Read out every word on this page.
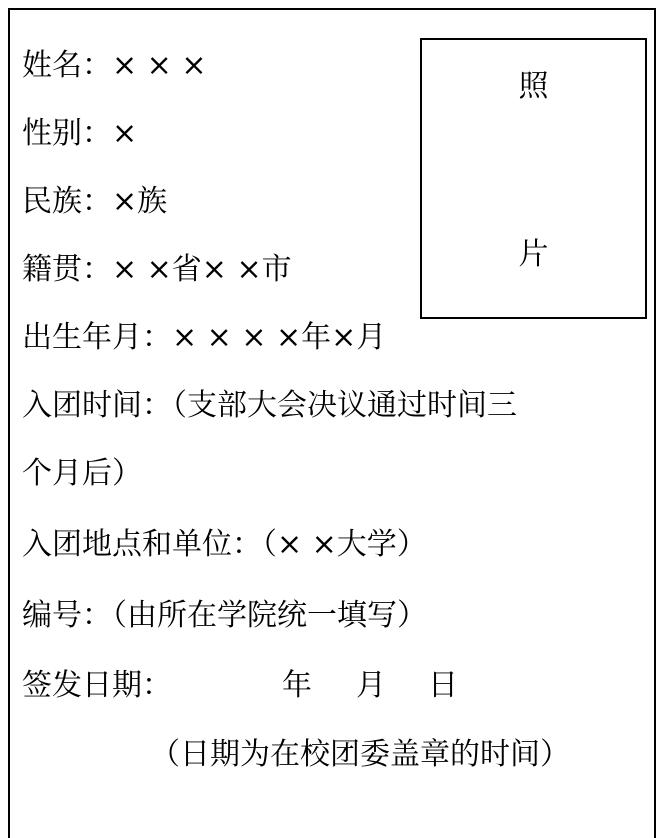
照
片
姓名：× × ×
性别：×
民族：×族
籍贯：× ×省× ×市
出生年月：× × × ×年×月
入团时间：（支部大会决议通过时间三
个月后）
入团地点和单位：（× ×大学）
编号：（由所在学院统一填写）
签发日期：	年 月 日
（日期为在校团委盖章的时间）
